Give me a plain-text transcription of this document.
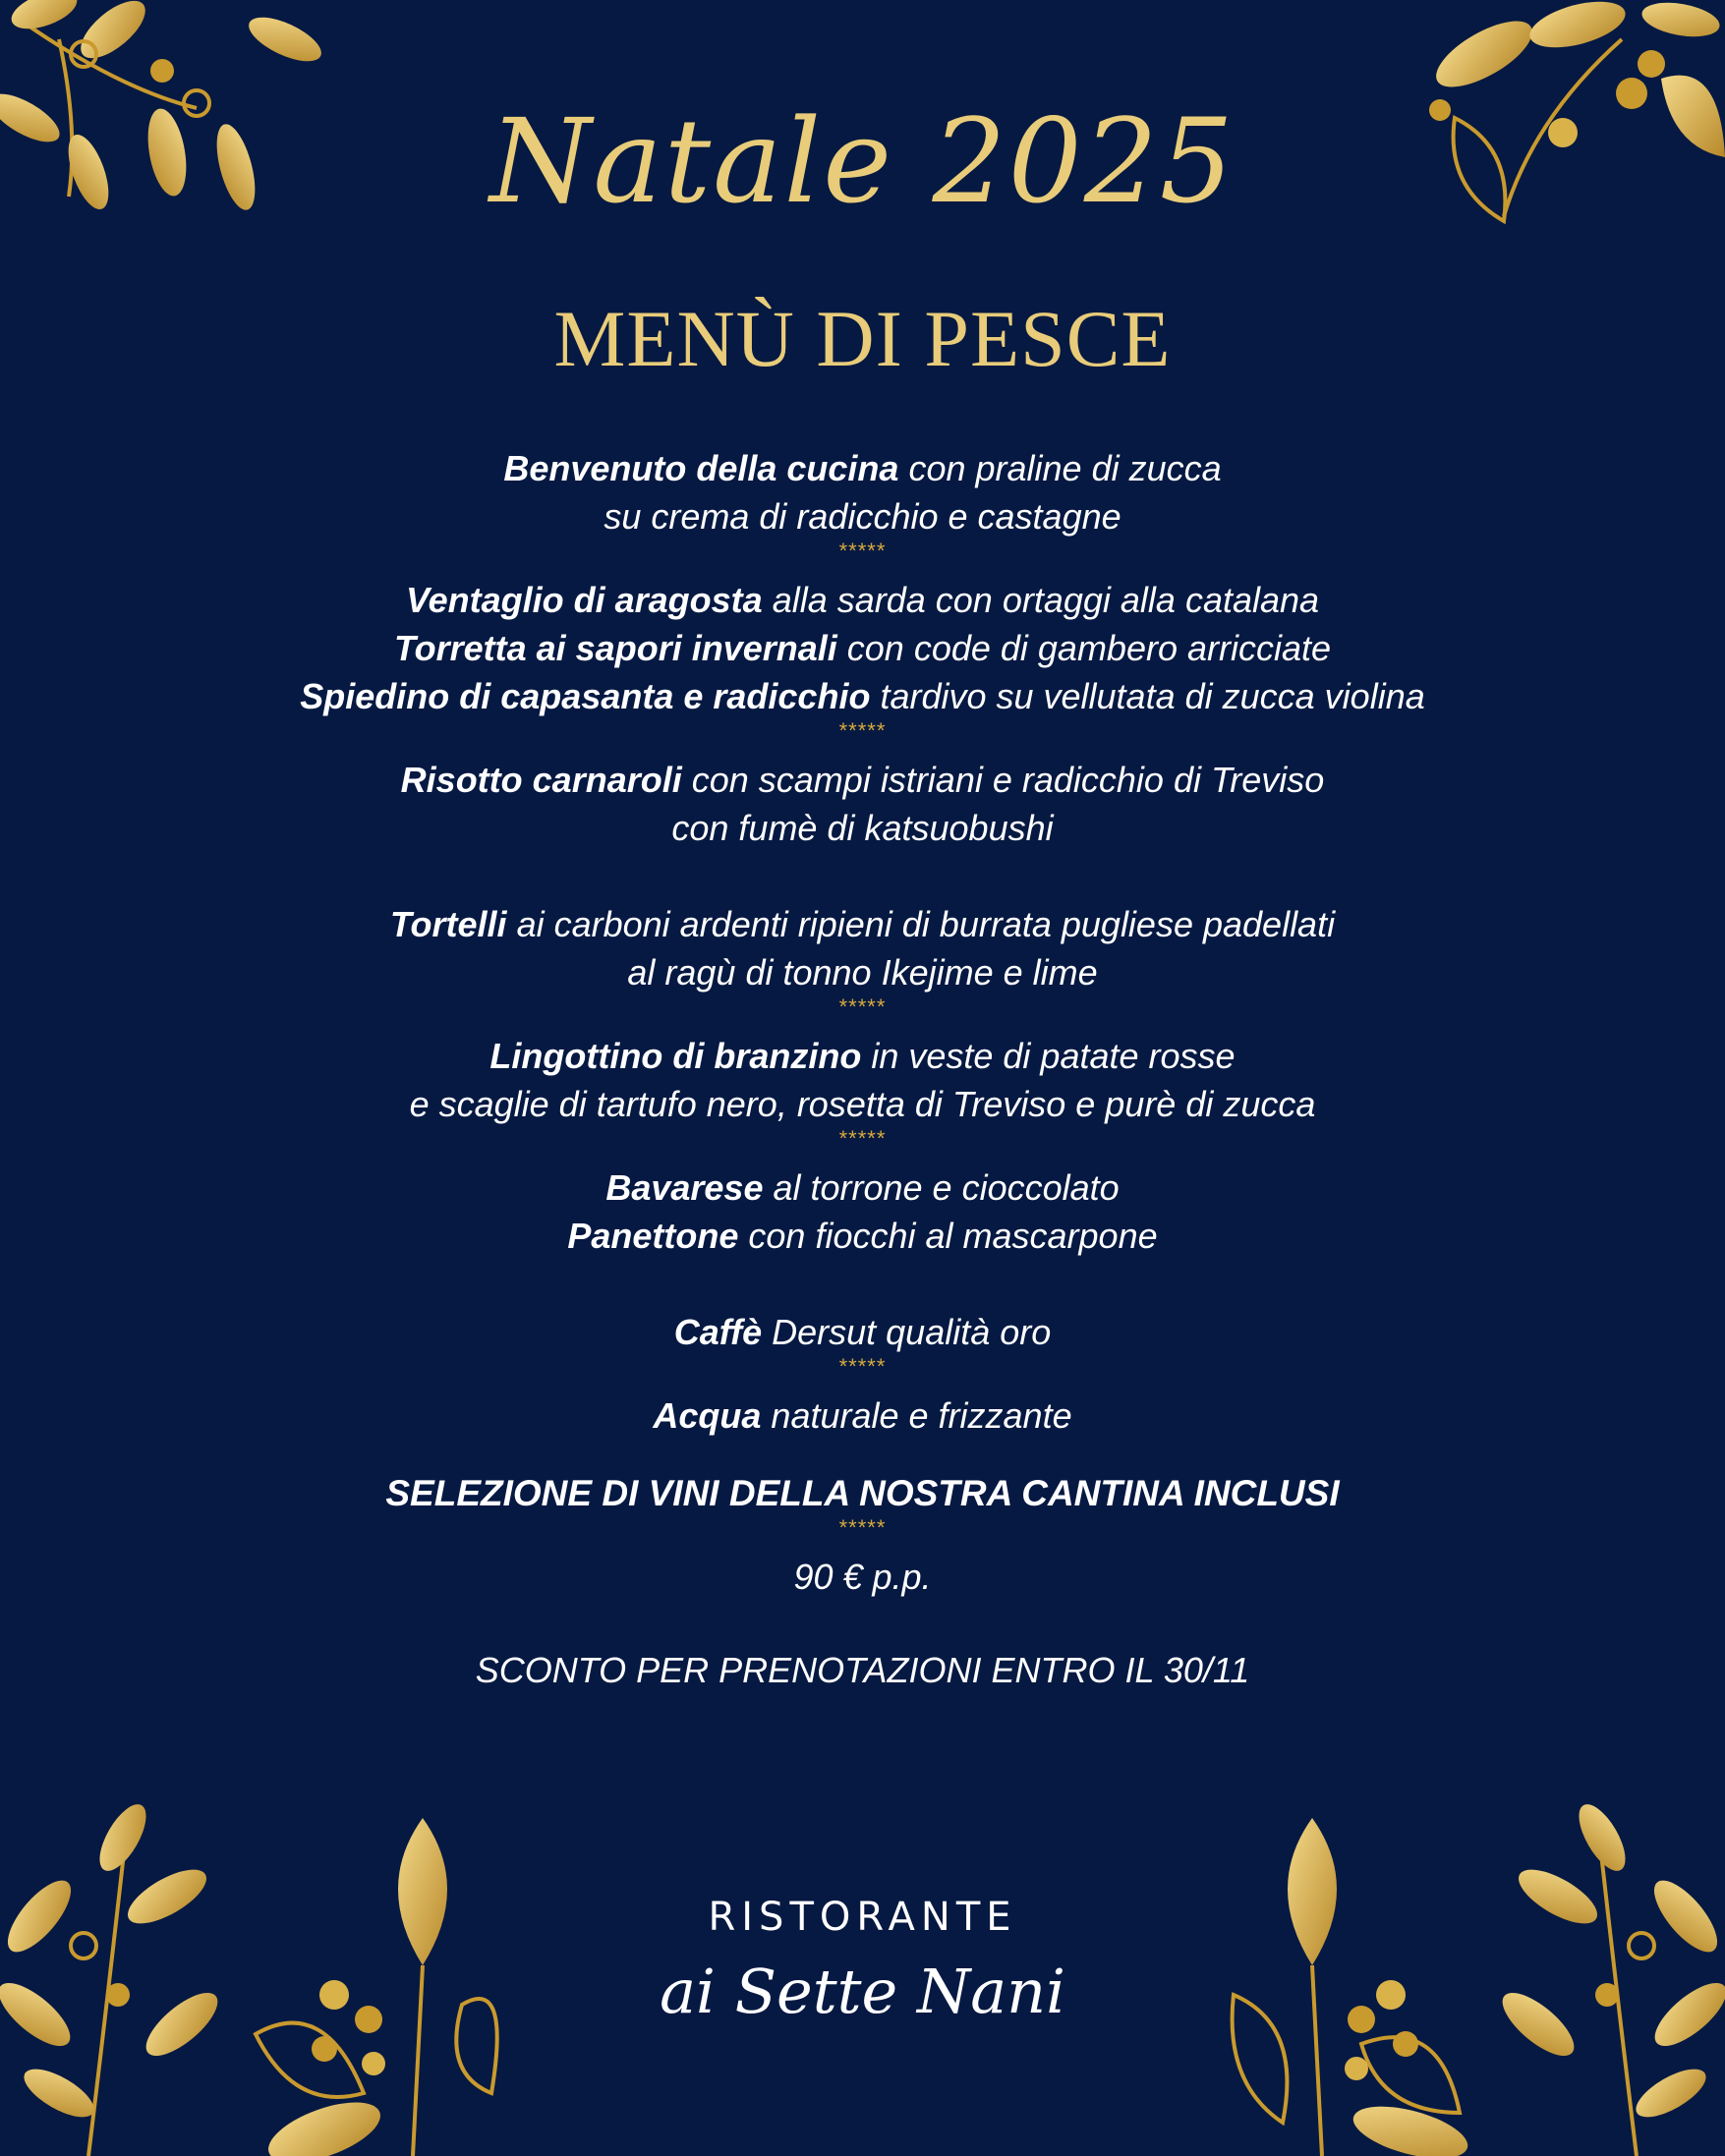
Natale 2025
MENÙ DI PESCE
Benvenuto della cucina con praline di zucca
su crema di radicchio e castagne
*****
Ventaglio di aragosta alla sarda con ortaggi alla catalana
Torretta ai sapori invernali con code di gambero arricciate
Spiedino di capasanta e radicchio tardivo su vellutata di zucca violina
*****
Risotto carnaroli con scampi istriani e radicchio di Treviso
con fumè di katsuobushi
Tortelli ai carboni ardenti ripieni di burrata pugliese padellati
al ragù di tonno Ikejime e lime
*****
Lingottino di branzino in veste di patate rosse
e scaglie di tartufo nero, rosetta di Treviso e purè di zucca
*****
Bavarese al torrone e cioccolato
Panettone con fiocchi al mascarpone
Caffè Dersut qualità oro
*****
Acqua naturale e frizzante
SELEZIONE DI VINI DELLA NOSTRA CANTINA INCLUSI
*****
90 € p.p.
SCONTO PER PRENOTAZIONI ENTRO IL 30/11
RISTORANTE
ai Sette Nani
